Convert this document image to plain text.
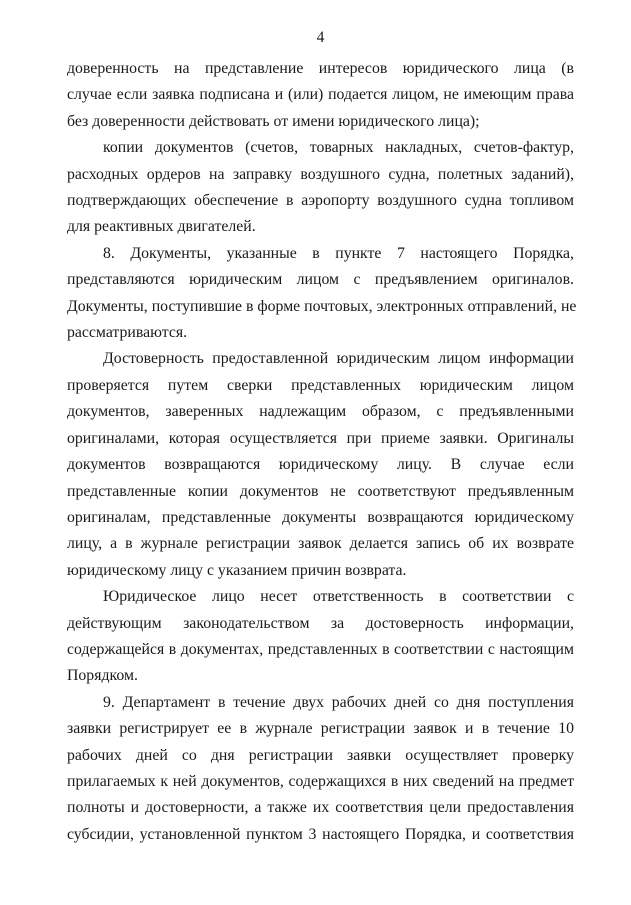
4

доверенность на представление интересов юридического лица (в
случае если заявка подписана и (или) подается лицом, не имеющим права
без доверенности действовать от имени юридического лица);

копии документов (счетов, товарных накладных, счетов-фактур,
расходных ордеров на заправку воздушного судна, полетных заданий),
подтверждающих обеспечение в аэропорту воздушного судна топливом
для реактивных двигателей.

8. Документы, указанные в пункте 7 настоящего Порядка,
представляются юридическим лицом с предъявлением оригиналов.
Документы, поступившие в форме почтовых, электронных отправлений, не
рассматриваются.

Достоверность предоставленной юридическим лицом информации
проверяется путем сверки представленных юридическим лицом
документов, заверенных надлежащим образом, с предъявленными
оригиналами, которая осуществляется при приеме заявки. Оригиналы
документов возвращаются юридическому лицу. В случае если
представленные копии документов не соответствуют предъявленным
оригиналам, представленные документы возвращаются юридическому
лицу, а в журнале регистрации заявок делается запись об их возврате
юридическому лицу с указанием причин возврата.

Юридическое лицо несет ответственность в соответствии с
действующим законодательством за достоверность информации,
содержащейся в документах, представленных в соответствии с настоящим
Порядком.

9. Департамент в течение двух рабочих дней со дня поступления
заявки регистрирует ее в журнале регистрации заявок и в течение 10
рабочих дней со дня регистрации заявки осуществляет проверку
прилагаемых к ней документов, содержащихся в них сведений на предмет
полноты и достоверности, а также их соответствия цели предоставления
субсидии, установленной пунктом 3 настоящего Порядка, и соответствия
